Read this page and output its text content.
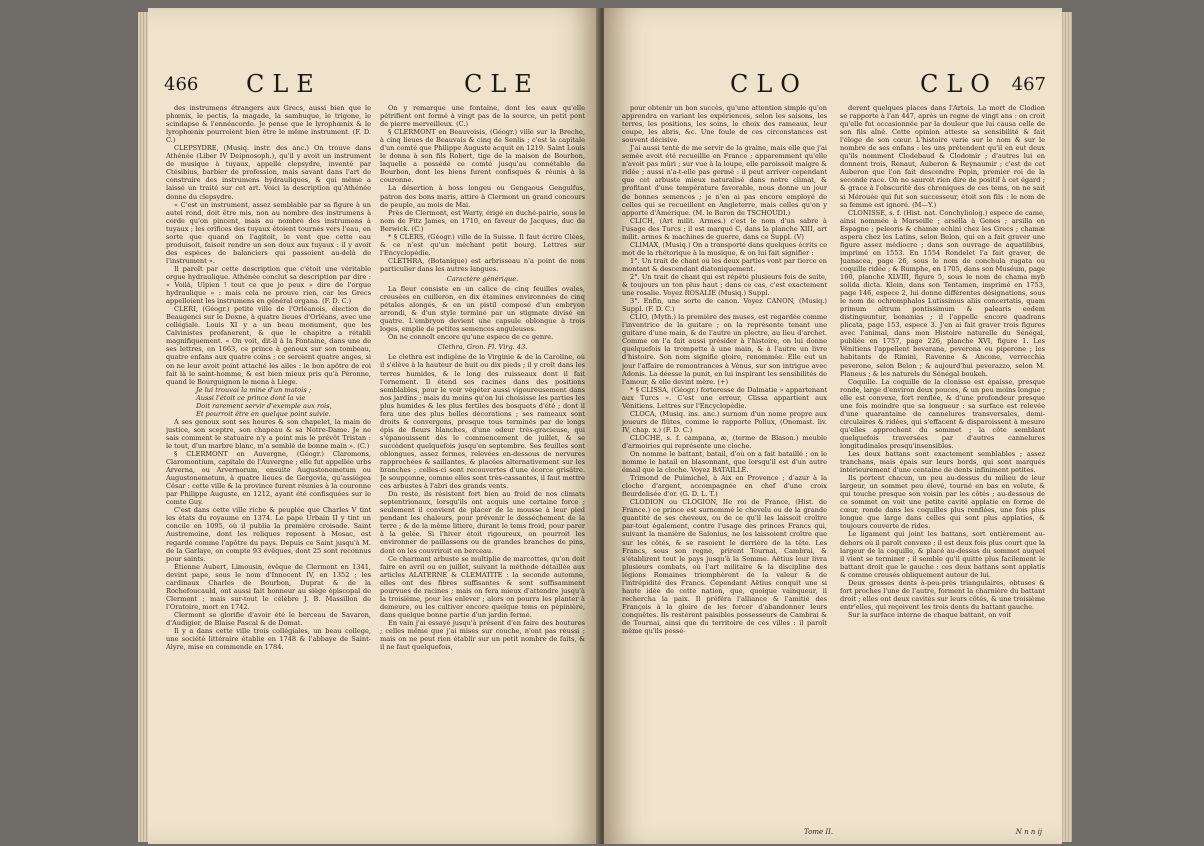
466 CLE	CLE

des instrumens étrangers aux Grecs, aussi bien que le phœnix, le pectis, la magade, la sambuque, le trigone, le scindapse & l'ennéacorde. Je pense que le lyrophœnix & le lyrophœnix pourroient bien être le même instrument. (F. D. C.)

CLEPSYDRE, (Musiq. instr. des anc.) On trouve dans Athénée (Liber IV Deipnosoph.), qu'il y avoit un instrument de musique à tuyaux, appellé clepsydre, inventé par Ctésibius, barbier de profession, mais savant dans l'art de construire des instrumens hydrauliques, & qui même a laissé un traité sur cet art. Voici la description qu'Athénée donne du clepsydre.

« C'est un instrument, assez semblable par sa figure à un autel rond, doit être mis, non au nombre des instrumens à corde qu'on pincent, mais au nombre des instrumens à tuyaux ; les orifices des tuyaux étoient tournés vers l'eau, en sorte que quand on l'agitoit, le vent que cette eau produisoit, faisoit rendre un son doux aux tuyaux : il y avoit des espèces de balanciers qui passoient au-delà de l'instrument ».

Il paroît par cette description que c'étoit une véritable orgue hydraulique. Athénée conclut sa description par dire : « Voilà, Ulpien ! tout ce que je peux » dire de l'orgue hydraulique » : mais cela ne prouve rien, car les Grecs appelloient les instrumens en général organa. (F. D. C.)

CLERI, (Géogr.) petite ville de l'Orléanois, élection de Beaugenci sur le Doxne, à quatre lieues d'Orléans, avec une collégiale. Louis XI y a un beau monument, que les Calvinistes profanerent, & que le chapitre a rétabli magnifiquement. « On voit, dit-il à la Fontaine, dans une de ses lettres, en 1663, ce prince à genoux sur son tombeau, quatre enfans aux quatre coins ; ce seroient quatre anges, si on ne leur avoit point attaché les ailes : le bon apôtre de roi fait là le saint-homme, & est bien mieux pris qu'à Péronne, quand le Bourguignon le mena à Liege.

Je lui trouvai la mine d'un matois ;

Aussi l'étoit ce prince dont la vie

Doit rarement servir d'exemple aux rois,

Et pourroit être en quelque point suivie.

A ses genoux sont ses heures & son chapelet, la main de justice, son sceptre, son chapeau & sa Notre-Dame. Je ne sais comment le statuaire n'y a point mis le prévôt Tristan : le tout, d'un marbre blanc, m'a semblé de bonne main ». (C.)

§ CLERMONT en Auvergne, (Géogr.) Claromons, Claromontium, capitale de l'Auvergne ; elle fut appellée urbs Arverna, ou Arvernorum, ensuite Augustonemetum ou Augustonemetum, à quatre lieues de Gergovia, qu'assiégea César : cette ville & la province furent réunies à la couronne par Philippe Auguste, en 1212, ayant été confisquées sur le comte Guy.

C'est dans cette ville riche & peuplée que Charles V tint les états du royaume en 1374. Le pape Urbain II y tint un concile en 1095, où il publia la première croisade. Saint Austremoine, dont les reliques reposent à Mosac, est regardé comme l'apôtre du pays. Depuis ce Saint jusqu'à M. de la Garlaye, on compte 93 évêques, dont 25 sont reconnus pour saints.

Étienne Aubert, Limousin, évêque de Clermont en 1341, devint pape, sous le nom d'Innocent IV, en 1352 ; les cardinaux Charles de Bourbon, Duprat & de la Rochefoucauld, ont aussi fait honneur au siège épiscopal de Clermont ; mais sur-tout le célèbre J. B. Massillon de l'Oratoire, mort en 1742.

Clermont se glorifie d'avoir été le berceau de Savaron, d'Audigier, de Blaise Pascal & de Domat.

Il y a dans cette ville trois collégiales, un beau college, une société littéraire établie en 1748 & l'abbaye de Saint-Alyre, mise en commende en 1784.

On y remarque une fontaine, dont les eaux qu'elle pétrifient ont formé à vingt pas de la source, un petit pont de pierre merveilleux. (C.)

§ CLERMONT en Beauvoisis, (Géogr.) ville sur la Breche, à cinq lieues de Beauvais & cinq de Senlis ; c'est la capitale d'un comté que Philippe Auguste acquit en 1219. Saint Louis le donna à son fils Robert, tige de la maison de Bourbon, laquelle a possédé ce comté jusqu'au connétable de Bourbon, dont les biens furent confisqués & réunis à la couronne.

La désertion à boss longeu ou Gengaous Gengulfus, patron des bons maris, attire à Clermont un grand concours de peuple, au mois de Mai.

Près de Clermont, est Warty, érigé en duché-pairie, sous le nom de Fitz James, en 1710, en faveur de Jacques, duc de Berwick. (C.)

* § CLERS, (Géogr.) ville de la Suisse. Il faut écrire Clées, & ce n'est qu'un méchant petit bourg. Lettres sur l'Encyclopédie.

CLETHRA, (Botanique) est arbrisseau n'a point de nom particulier dans les autres langues.

Caractère générique.

La fleur consiste en un calice de cinq feuilles ovales, creusées en cuilleron, en dix étamines environnées de cinq pétales alongés, & en un pistil composé d'un embryon arrondi, & d'un style terminé par un stigmate divisé en quatre. L'embryon devient une capsule oblongue à trois loges, emplie de petites semences anguleuses.

On ne connoît encore qu'une espece de ce genre.

Clethra, Gron. Fl. Virg. 43.

Le clethra est indigène de la Virginie & de la Caroline, où il s'élève à la hauteur de huit ou dix pieds ; il y croît dans les terres humides, & le long des ruisseaux dont il fait l'ornement. Il étend ses racines dans des positions semblables, pour le voir végéter aussi vigoureusement dans nos jardins ; mais du moins qu'on lui choisisse les parties les plus humides & les plus fertiles des bosquets d'été ; dont il fera une des plus belles décorations ; ses rameaux sont droits & convergens, presque tous terminés par de longs épis de fleurs blanches, d'une odeur très-gracieuse, qui s'épanouissent dès le commencement de juillet, & se succèdent quelquefois jusqu'en septembre. Ses feuilles sont oblongues, assez fermes, relevées en-dessous de nervures rapprochées & saillantes, & placées alternativement sur les branches ; celles-ci sont recouvertes d'une écorce grisâtre. Je soupçonne, comme elles sont très-cassantes, il faut mettre ces arbustes à l'abri des grands vents.

Du reste, ils résistent fort bien au froid de nos climats septentrionaux, lorsqu'ils ont acquis une certaine force ; seulement il convient de placer de la mousse à leur pied pendant les chaleurs, pour prévenir le desséchement de la terre ; & de la même litiere, durant le tems froid, pour parer à la gelée. Si l'hiver étoit rigoureux, on pourroit les environner de paillassons ou de grandes branches de pins, dont on les couvriroit en berceau.

Ce charmant arbuste se multiplie de marcottes, qu'on doit faire en avril ou en juillet, suivant la méthode détaillée aux articles ALATERNE & CLEMATITE : la seconde automne, elles ont des fibres suffisantes & sont suffisamment pourvues de racines ; mais on fera mieux d'attendre jusqu'à la troisième, pour les enlever ; alors on pourra les planter à demeure, ou les cultiver encore quelque tems en pépinière, dans quelque bonne partie d'un jardin fermé.

En vain j'ai essayé jusqu'à présent d'en faire des boutures ; celles même que j'ai mises sur couche, n'ont pas réussi ; mais on ne peut rien établir sur un petit nombre de faits, & il ne faut quelquefois,

CLO	CLO 467

pour obtenir un bon succès, qu'une attention simple qu'on apprendra en variant les expériences, selon les saisons, les terres, les positions, les soins, le choix des rameaux, leur coupe, les abris, &c. Une foule de ces circonstances est souvent décisive.

J'ai aussi tenté de me servir de la graine, mais elle que j'ai semée avoit été recueillie en France ; apparemment qu'elle n'avoit pas mûri ; sur vue à la loupe, elle paroissoit maigre & ridée ; aussi n'a-t-elle pas germé : il peut arriver cependant que cet arbuste mieux naturalisé dans notre climat, & profitant d'une température favorable, nous donne un jour de bonnes semences ; je n'en ai pas encore employé de celles qui se recueillent en Angleterre, mais celles qu'on y apporte d'Amérique. (M. le Baron de TSCHOUDI.)

CLICH, (Art milit. Armes.) c'est le nom d'un sabre à l'usage des Turcs ; il est marqué C, dans la planche XIII, art milit. armes & machines de guerre, dans ce Suppl. (V)

CLIMAX, (Musiq.) On a transporté dans quelques écrits ce mot de la rhétorique à la musique, & on lui fait signifier :

1°. Un trait de chant où les deux parties vont par tierce en montant & descendant diatoniquement.

2°. Un trait de chant qui est répété plusieurs fois de suite, & toujours un ton plus haut ; dans ce cas, c'est exactement une rosalie. Voyez ROSALIE (Musiq.) Suppl.

3°. Enfin, une sorte de canon. Voyez CANON, (Musiq.) Suppl. (F. D. C.)

CLIO, (Myth.) la première des muses, est regardée comme l'inventrice de la guitare ; on la représente tenant une guitare d'une main, & de l'autre un plectre, au lieu d'archet. Comme on l'a fait aussi présider à l'histoire, on lui donne quelquefois la trompette à une main, & à l'autre un livre d'histoire. Son nom signifie gloire, renommée. Elle eut un jour l'affaire de remontrances à Vénus, sur son intrigue avec Adonis. La déesse la punit, en lui inspirant les sensibilités de l'amour, & elle devint mère. (+)

* § CLISSA, (Géogr.) forteresse de Dalmatie » appartenant aux Turcs ». C'est une erreur, Clissa appartient aux Vénitiens. Lettres sur l'Encyclopédie.

CLOCA, (Musiq. ins. anc.) surnom d'un nome propre aux joueurs de flûtes, comme le rapporte Pollux, (Onomast. liv. IV, chap. x.) (F. D. C.)

CLOCHE, s. f. campana, æ, (terme de Blason.) meuble d'armoiries qui représente une cloche.

On nomme le battant, batail, d'où on a fait bataillé ; on le nomme le batail en blasonnant, que lorsqu'il est d'un autre émail que la cloche. Voyez BATAILLÉ.

Trimond de Puimichel, à Aix en Provence ; d'azur à la cloche d'argent, accompagnée en chef d'une croix fleurdelisée d'or. (G. D. L. T.)

CLODION ou CLOGION, IIe roi de France, (Hist. de France.) ce prince est surnommé le chevelu ou de la grande quantité de ses cheveux, ou de ce qu'il les laissoit croître par-tout également, contre l'usage des princes Francs qui, suivant la manière de Salonius, ne les laissoient croître que sur les côtés, & se rasoient le derrière de la tête. Les Francs, sous son regne, prirent Tournai, Cambrai, & s'établirent tout le pays jusqu'à la Somme. Aëtius leur livra plusieurs combats, où l'art militaire & la discipline des légions Romaines triomphèrent de la valeur & de l'intrépidité des Francs. Cependant Aëtius conquit une si haute idée de cette nation, que, quoique vainqueur, il rechercha la paix. Il préféra l'alliance & l'amitié des François à la gloire de les forcer d'abandonner leurs conquêtes. Ils restèrent paisibles possesseurs de Cambrai & de Tournai, ainsi que du territoire de ces villes : il paroît même qu'ils possé-

derent quelques places dans l'Artois. La mort de Clodion se rapporte à l'an 447, après un regne de vingt ans : on croit qu'elle fut occasionnée par la douleur que lui causa celle de son fils aîné. Cette opinion atteste sa sensibilité & fait l'éloge de son cœur. L'histoire varie sur le nom & sur le nombre de ses enfans : les uns prétendent qu'il en eut deux qu'ils nomment Clodebaud & Clodomir ; d'autres lui en donnent trois, Renaut, Auberon & Reynaumir ; c'est de cet Auberon que l'on fait descendre Pepin, premier roi de la seconde race. On ne sauroit rien dire de positif à cet égard ; & grace à l'obscurité des chroniques de ces tems, on ne sait si Mérouée qui fut son successeur, étoit son fils : le nom de sa femme est ignoré. (M—Y.)

CLONISSE, s. f. (Hist. nat. Conchyliolog.) espece de came, ainsi nommée à Marseille ; arsélla à Genes ; arsilla en Espagne ; peleoris & chamæ echini chez les Grecs ; chamæ aspera chez les Latins, selon Belon, qui en a fait graver une figure assez médiocre ; dans son ouvrage de aquatilibus, imprimé en 1553. En 1554 Rondelet l'a fait graver, de Juanacea, page 26, sous le nom de conchula rugata ou coquille ridée ; & Rumphe, en 1705, dans son Muséum, page 160, planche XLVIII, figure 5, sous le nom de chama myb solida dicta. Klein, dans son Tentamen, imprimé en 1753, page 146, espece 2, lui donne différentes désignations, sous le nom de ochromphalos Lutissimus aliis concertatis, quam primum altrum pontissimum & palearis eodem distinguuntur, bonanias ; il l'appelle encore quadrans plicata, page 153, espece 3. J'en ai fait graver trois figures avec l'animal, dans mon Histoire naturelle du Sénégal, publiée en 1757, page 226, planche XVI, figure 1. Les Vénitiens l'appellent bevarana, peverona ou piperone ; les habitants de Rimini, Ravenne & Ancone, verrecchia peverone, selon Belon ; & aujourd'hui peverazzo, selon M. Planeus ; & les naturels du Sénégal boukeh.

Coquille. La coquille de la clonisse est épaisse, presque ronde, large d'environ deux pouces, & un peu moins longue ; elle est convexe, fort renflée, & d'une profondeur presque une fois moindre que sa longueur : sa surface est relevée d'une quarantaine de cannelures transversales, demi-circulaires & ridées, qui s'effacent & disparoissent à mesure qu'elles approchent du sommet ; la côte semblant quelquefois traversées par d'autres cannelures longitudinales presqu'insensibles.

Les deux battans sont exactement semblables ; assez tranchans, mais épais sur leurs bords, qui sont marqués intérieurement d'une centaine de dents infiniment petites.

Ils portent chacun, un peu au-dessus du milieu de leur largeur, un sommet peu élevé, tourné en bas en volute, & qui touche presque son voisin par les côtés ; au-dessous de ce sommet on voit une petite cavité applatie en forme de cœur, ronde dans les coquilles plus renflées, une fois plus longue que large dans celles qui sont plus applaties, & toujours couverte de rides.

Le ligament qui joint les battans, sort entièrement au-dehors où il paroît convexe ; il est deux fois plus court que la largeur de la coquille, & placé au-dessus du sommet auquel il vient se terminer ; il semble qu'il quitte plus facilement le battant droit que le gauche : ces deux battans sont applatis & comme creusés obliquement autour de lui.

Deux grosses dents à-peu-près triangulaires, obtuses & fort proches l'une de l'autre, forment la charnière du battant droit ; elles ont deux cavités sur leurs côtés, & une troisième entr'elles, qui reçoivent les trois dents du battant gauche.

Sur la surface interne de chaque battant, on voit

Tome II.	N n n ij
